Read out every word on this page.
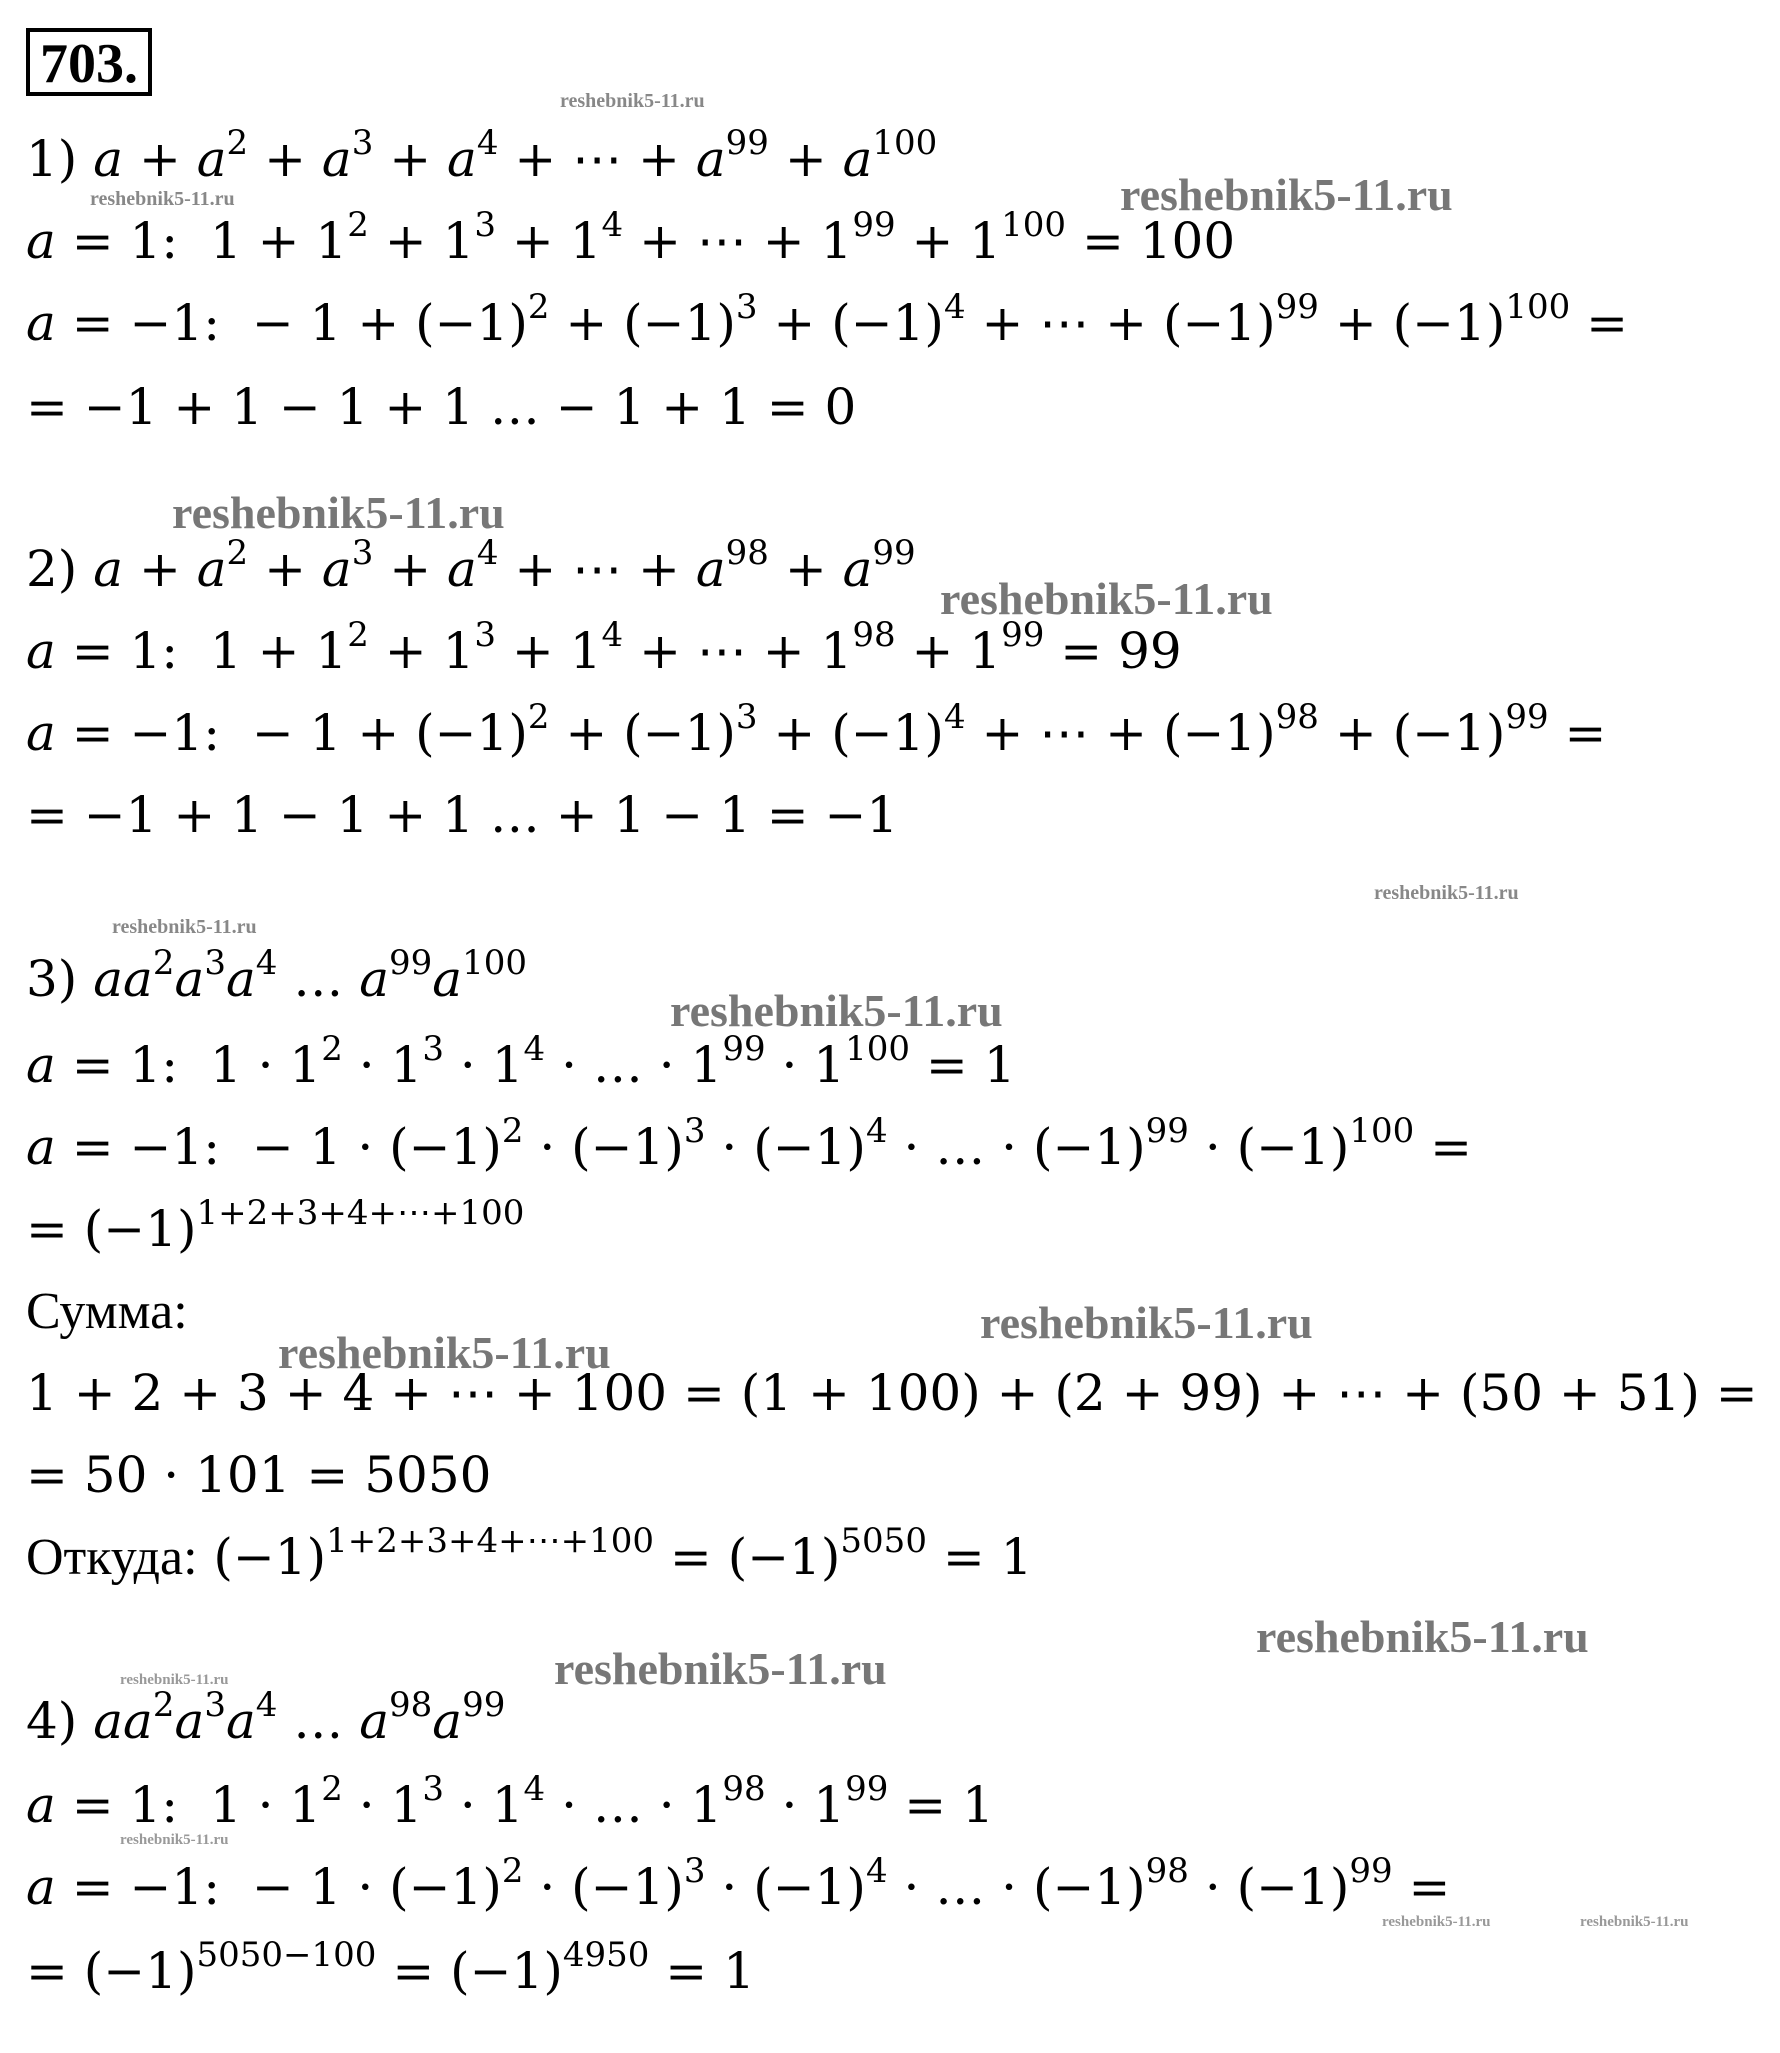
703.
reshebnik5-11.ru
reshebnik5-11.ru	reshebnik5-11.ru
reshebnik5-11.ru
reshebnik5-11.ru
reshebnik5-11.ru
reshebnik5-11.ru
reshebnik5-11.ru
reshebnik5-11.ru
reshebnik5-11.ru
reshebnik5-11.ru
reshebnik5-11.ru
reshebnik5-11.ru
reshebnik5-11.ru
reshebnik5-11.ru	reshebnik5-11.ru
1) $a + a^2 + a^3 + a^4$ + ⋯ + $a^{99} + a^{100}$
a = 1:  $1 + 1^2 + 1^3 + 1^4$ + ⋯ + $1^{99} + 1^{100} = 100$
a = −1:  − $1 + (-1)^2 + (-1)^3 + (-1)^4$ + ⋯ + $(-1)^{99} + (-1)^{100}$ =
= −1 + 1 − 1 + 1 … − 1 + 1 = 0
2) $a + a^2 + a^3 + a^4$ + ⋯ + $a^{98} + a^{99}$
a = 1:  $1 + 1^2 + 1^3 + 1^4$ + ⋯ + $1^{98} + 1^{99} = 99$
a = −1:  − $1 + (-1)^2 + (-1)^3 + (-1)^4$ + ⋯ + $(-1)^{98} + (-1)^{99}$ =
= −1 + 1 − 1 + 1 … + 1 − 1 = −1
3) $aa^2a^3a^4$ … $a^{99}a^{100}$
a = 1:  $1 \cdot 1^2 \cdot 1^3 \cdot 1^4$ · … · $1^{99} \cdot 1^{100} = 1$
a = −1:  − $1 \cdot (-1)^2 \cdot (-1)^3 \cdot (-1)^4$ · … · $(-1)^{99} \cdot (-1)^{100}$ =
= $(-1)^{1+2+3+4+\cdots+100}$
Сумма:
1 + 2 + 3 + 4 + ⋯ + 100 = (1 + 100) + (2 + 99) + ⋯ + (50 + 51) =
= 50 · 101 = 5050
Откуда: $(-1)^{1+2+3+4+\cdots+100} = (-1)^{5050} = 1$
4) $aa^2a^3a^4$ … $a^{98}a^{99}$
a = 1:  $1 \cdot 1^2 \cdot 1^3 \cdot 1^4$ · … · $1^{98} \cdot 1^{99} = 1$
a = −1:  − $1 \cdot (-1)^2 \cdot (-1)^3 \cdot (-1)^4$ · … · $(-1)^{98} \cdot (-1)^{99}$ =
= $(-1)^{5050-100} = (-1)^{4950} = 1$
